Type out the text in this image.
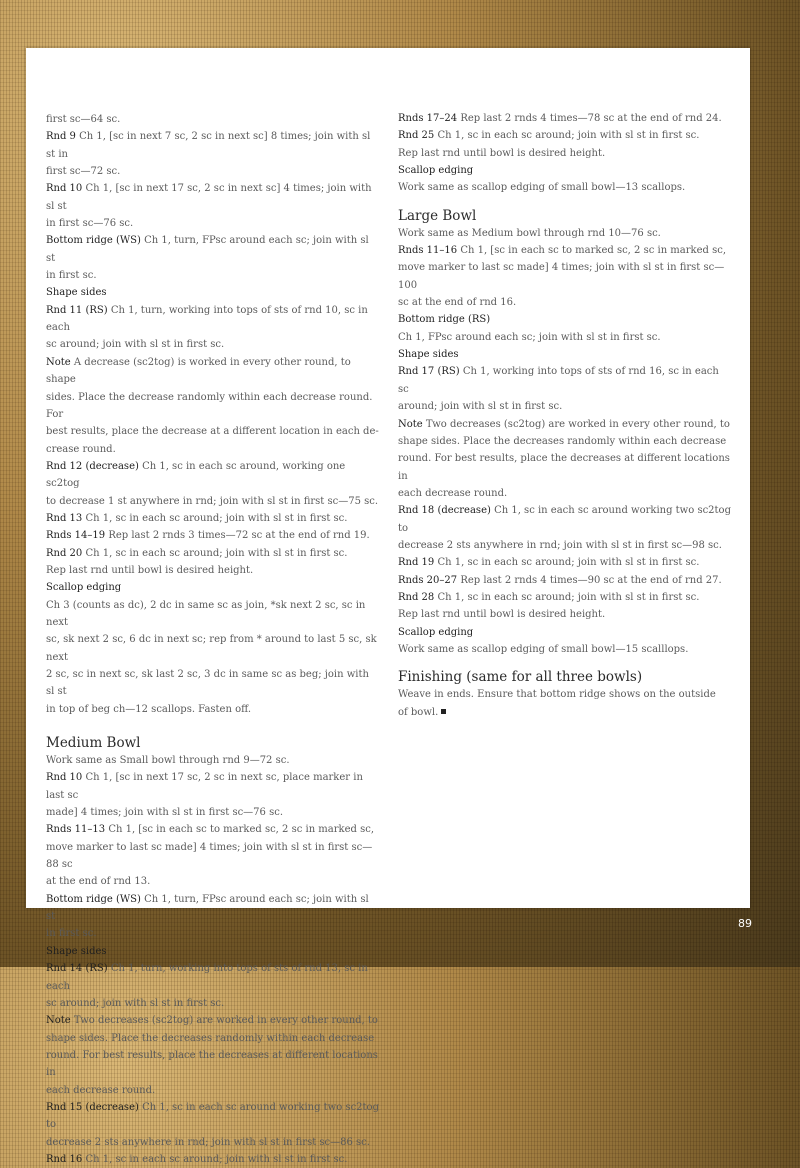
first sc—64 sc.
Rnd 9 Ch 1, [sc in next 7 sc, 2 sc in next sc] 8 times; join with sl st in
first sc—72 sc.
Rnd 10 Ch 1, [sc in next 17 sc, 2 sc in next sc] 4 times; join with sl st
in first sc—76 sc.
Bottom ridge (WS) Ch 1, turn, FPsc around each sc; join with sl st
in first sc.
Shape sides
Rnd 11 (RS) Ch 1, turn, working into tops of sts of rnd 10, sc in each
sc around; join with sl st in first sc.
Note A decrease (sc2tog) is worked in every other round, to shape
sides. Place the decrease randomly within each decrease round. For
best results, place the decrease at a different location in each de-
crease round.
Rnd 12 (decrease) Ch 1, sc in each sc around, working one sc2tog
to decrease 1 st anywhere in rnd; join with sl st in first sc—75 sc.
Rnd 13 Ch 1, sc in each sc around; join with sl st in first sc.
Rnds 14–19 Rep last 2 rnds 3 times—72 sc at the end of rnd 19.
Rnd 20 Ch 1, sc in each sc around; join with sl st in first sc.
Rep last rnd until bowl is desired height.
Scallop edging
Ch 3 (counts as dc), 2 dc in same sc as join, *sk next 2 sc, sc in next
sc, sk next 2 sc, 6 dc in next sc; rep from * around to last 5 sc, sk next
2 sc, sc in next sc, sk last 2 sc, 3 dc in same sc as beg; join with sl st
in top of beg ch—12 scallops. Fasten off.
Medium Bowl
Work same as Small bowl through rnd 9—72 sc.
Rnd 10 Ch 1, [sc in next 17 sc, 2 sc in next sc, place marker in last sc
made] 4 times; join with sl st in first sc—76 sc.
Rnds 11–13 Ch 1, [sc in each sc to marked sc, 2 sc in marked sc,
move marker to last sc made] 4 times; join with sl st in first sc—88 sc
at the end of rnd 13.
Bottom ridge (WS) Ch 1, turn, FPsc around each sc; join with sl st
in first sc.
Shape sides
Rnd 14 (RS) Ch 1, turn, working into tops of sts of rnd 13, sc in each
sc around; join with sl st in first sc.
Note Two decreases (sc2tog) are worked in every other round, to
shape sides. Place the decreases randomly within each decrease
round. For best results, place the decreases at different locations in
each decrease round.
Rnd 15 (decrease) Ch 1, sc in each sc around working two sc2tog to
decrease 2 sts anywhere in rnd; join with sl st in first sc—86 sc.
Rnd 16 Ch 1, sc in each sc around; join with sl st in first sc.
Rnds 17–24 Rep last 2 rnds 4 times—78 sc at the end of rnd 24.
Rnd 25 Ch 1, sc in each sc around; join with sl st in first sc.
Rep last rnd until bowl is desired height.
Scallop edging
Work same as scallop edging of small bowl—13 scallops.
Large Bowl
Work same as Medium bowl through rnd 10—76 sc.
Rnds 11–16 Ch 1, [sc in each sc to marked sc, 2 sc in marked sc,
move marker to last sc made] 4 times; join with sl st in first sc—100
sc at the end of rnd 16.
Bottom ridge (RS)
Ch 1, FPsc around each sc; join with sl st in first sc.
Shape sides
Rnd 17 (RS) Ch 1, working into tops of sts of rnd 16, sc in each sc
around; join with sl st in first sc.
Note Two decreases (sc2tog) are worked in every other round, to
shape sides. Place the decreases randomly within each decrease
round. For best results, place the decreases at different locations in
each decrease round.
Rnd 18 (decrease) Ch 1, sc in each sc around working two sc2tog to
decrease 2 sts anywhere in rnd; join with sl st in first sc—98 sc.
Rnd 19 Ch 1, sc in each sc around; join with sl st in first sc.
Rnds 20–27 Rep last 2 rnds 4 times—90 sc at the end of rnd 27.
Rnd 28 Ch 1, sc in each sc around; join with sl st in first sc.
Rep last rnd until bowl is desired height.
Scallop edging
Work same as scallop edging of small bowl—15 scalllops.
Finishing (same for all three bowls)
Weave in ends. Ensure that bottom ridge shows on the outside
of bowl.
89
